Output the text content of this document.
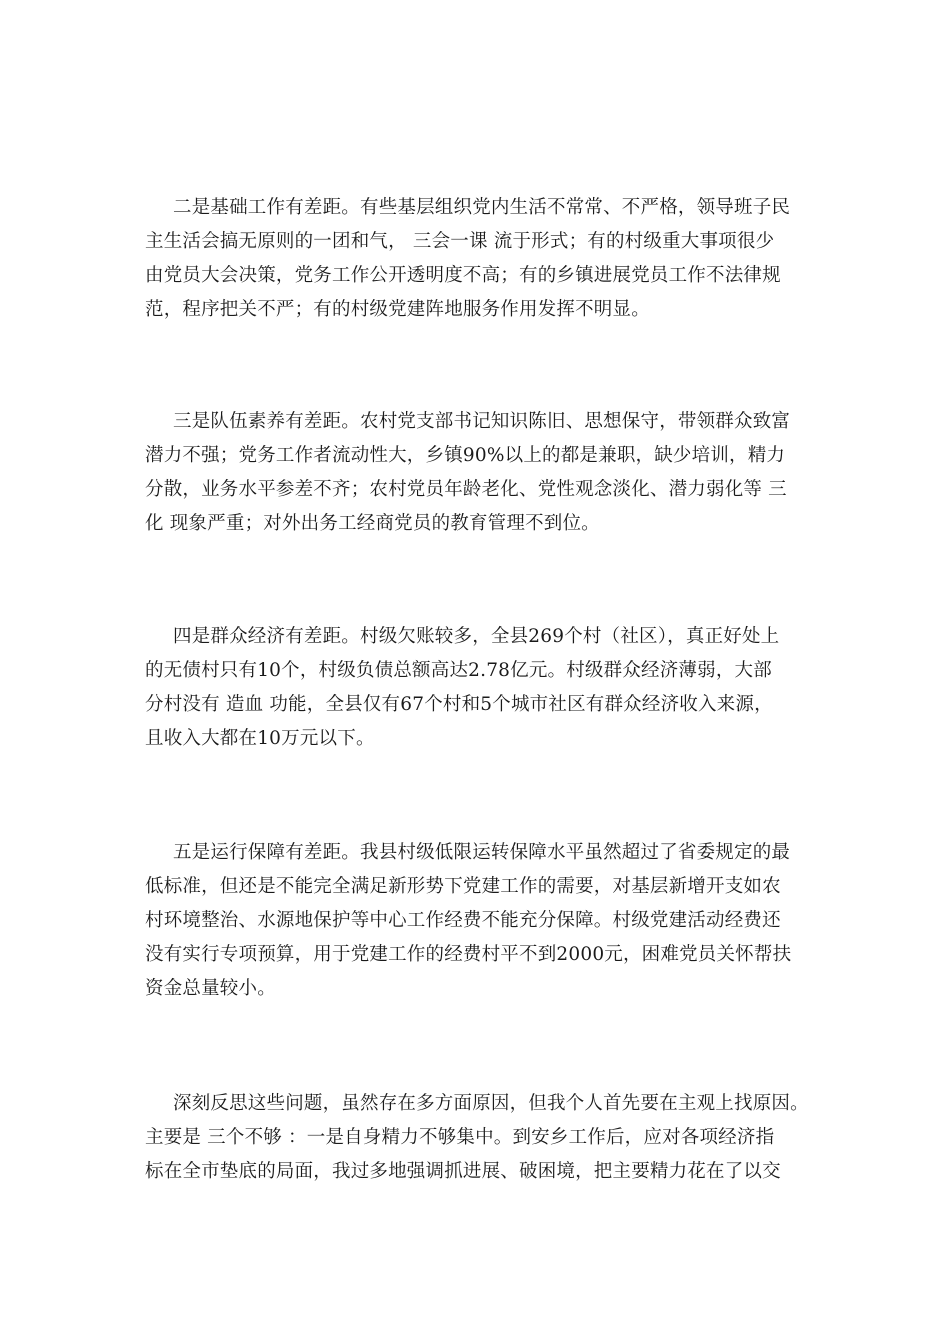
二是基础工作有差距。有些基层组织党内生活不常常、不严格，领导班子民
主生活会搞无原则的一团和气， 三会一课 流于形式；有的村级重大事项很少
由党员大会决策，党务工作公开透明度不高；有的乡镇进展党员工作不法律规
范，程序把关不严；有的村级党建阵地服务作用发挥不明显。
三是队伍素养有差距。农村党支部书记知识陈旧、思想保守，带领群众致富
潜力不强；党务工作者流动性大，乡镇90%以上的都是兼职，缺少培训，精力
分散，业务水平参差不齐；农村党员年龄老化、党性观念淡化、潜力弱化等 三
化 现象严重；对外出务工经商党员的教育管理不到位。
四是群众经济有差距。村级欠账较多，全县269个村（社区），真正好处上
的无债村只有10个，村级负债总额高达2.78亿元。村级群众经济薄弱，大部
分村没有 造血 功能，全县仅有67个村和5个城市社区有群众经济收入来源，
且收入大都在10万元以下。
五是运行保障有差距。我县村级低限运转保障水平虽然超过了省委规定的最
低标准，但还是不能完全满足新形势下党建工作的需要，对基层新增开支如农
村环境整治、水源地保护等中心工作经费不能充分保障。村级党建活动经费还
没有实行专项预算，用于党建工作的经费村平不到2000元，困难党员关怀帮扶
资金总量较小。
深刻反思这些问题，虽然存在多方面原因，但我个人首先要在主观上找原因。
主要是 三个不够 ：一是自身精力不够集中。到安乡工作后，应对各项经济指
标在全市垫底的局面，我过多地强调抓进展、破困境，把主要精力花在了以交
